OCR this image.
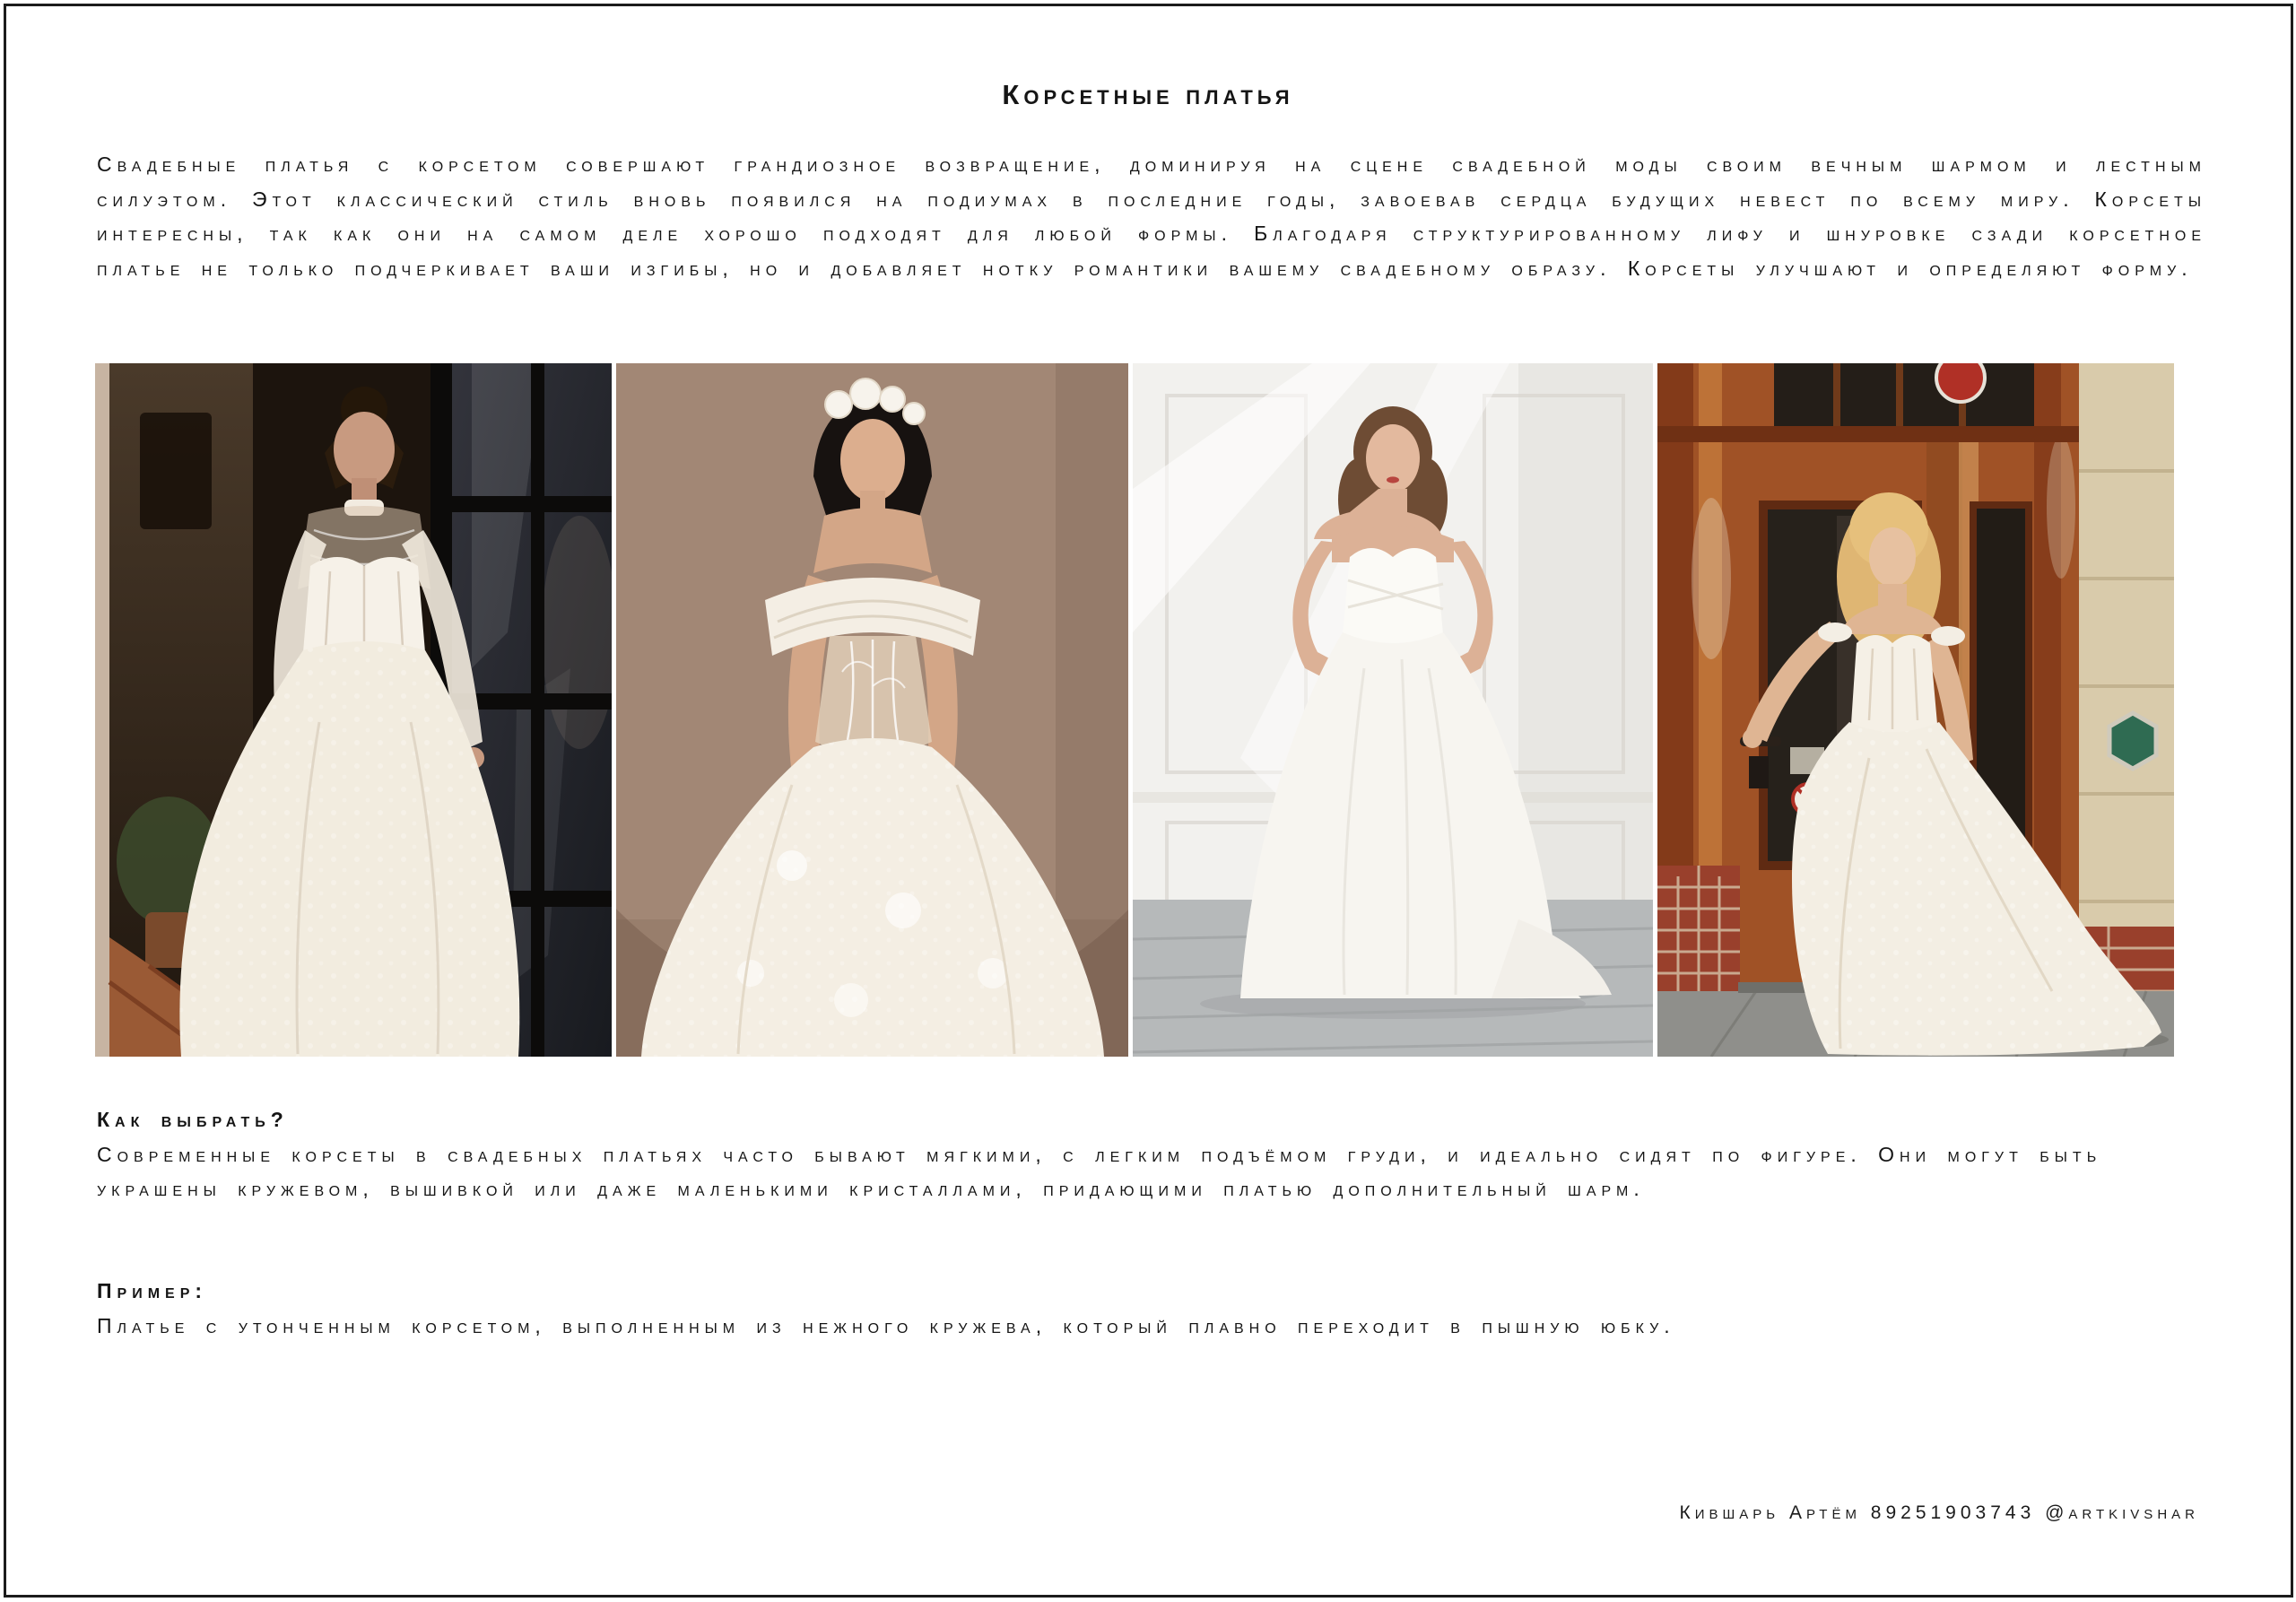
Корсетные платья

Свадебные платья с корсетом совершают грандиозное возвращение, доминируя на сцене свадебной моды своим вечным шармом и лестным силуэтом. Этот классический стиль вновь появился на подиумах в последние годы, завоевав сердца будущих невест по всему миру. Корсеты интересны, так как они на самом деле хорошо подходят для любой формы. Благодаря структурированному лифу и шнуровке сзади корсетное платье не только подчеркивает ваши изгибы, но и добавляет нотку романтики вашему свадебному образу. Корсеты улучшают и определяют форму.

Как выбрать?

Современные корсеты в свадебных платьях часто бывают мягкими, с легким подъёмом груди, и идеально сидят по фигуре. Они могут быть украшены кружевом, вышивкой или даже маленькими кристаллами, придающими платью дополнительный шарм.

Пример:

Платье с утонченным корсетом, выполненным из нежного кружева, который плавно переходит в пышную юбку.

Кившарь Артём 89251903743 @artkivshar
